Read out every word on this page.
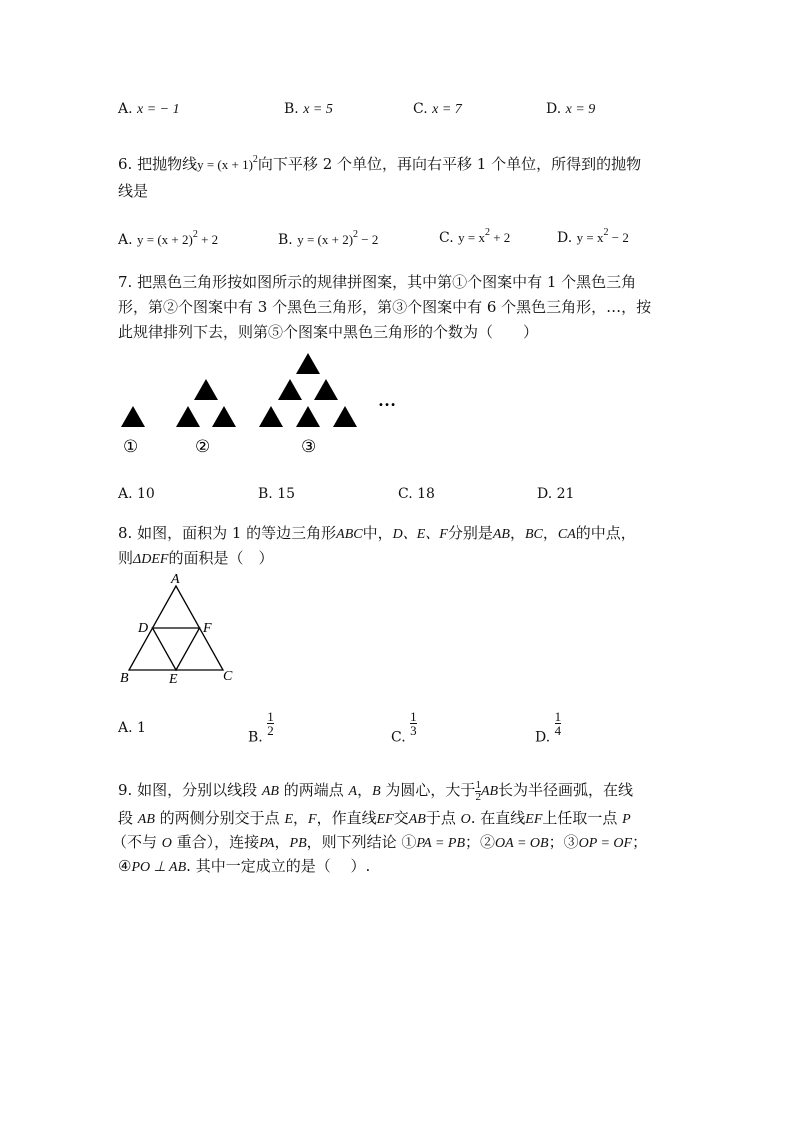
A. x = − 1	B. x = 5	C. x = 7	D. x = 9
6. 把抛物线$y = (x + 1)^2$向下平移 2 个单位，再向右平移 1 个单位，所得到的抛物
线是
A. $y = (x + 2)^2 + 2$	B. $y = (x + 2)^2 - 2$	C. $y = x^2 + 2$	D. $y = x^2 - 2$
7. 把黑色三角形按如图所示的规律拼图案，其中第①个图案中有 1 个黑色三角
形，第②个图案中有 3 个黑色三角形，第③个图案中有 6 个黑色三角形，…，按
此规律排列下去，则第⑤个图案中黑色三角形的个数为（　　）
…
①	②	③
A. 10	B. 15	C. 18	D. 21
8. 如图，面积为 1 的等边三角形ABC中，D、E、F分别是AB，BC，CA的中点，
则ΔDEF的面积是（　）
A
D	F
B	E	C
A. 1
B.
$\frac{1}{2}$
C.
$\frac{1}{3}$
D.
$\frac{1}{4}$
9. 如图，分别以线段 AB 的两端点 A，B 为圆心，大于 $\frac{1}{2}$ AB长为半径画弧，在线
段 AB 的两侧分别交于点 E，F，作直线EF交AB于点 O. 在直线EF上任取一点 P
（不与 O 重合），连接PA，PB，则下列结论 ①PA = PB；②OA = OB；③OP = OF；
④PO ⊥ AB. 其中一定成立的是（　 ）.
